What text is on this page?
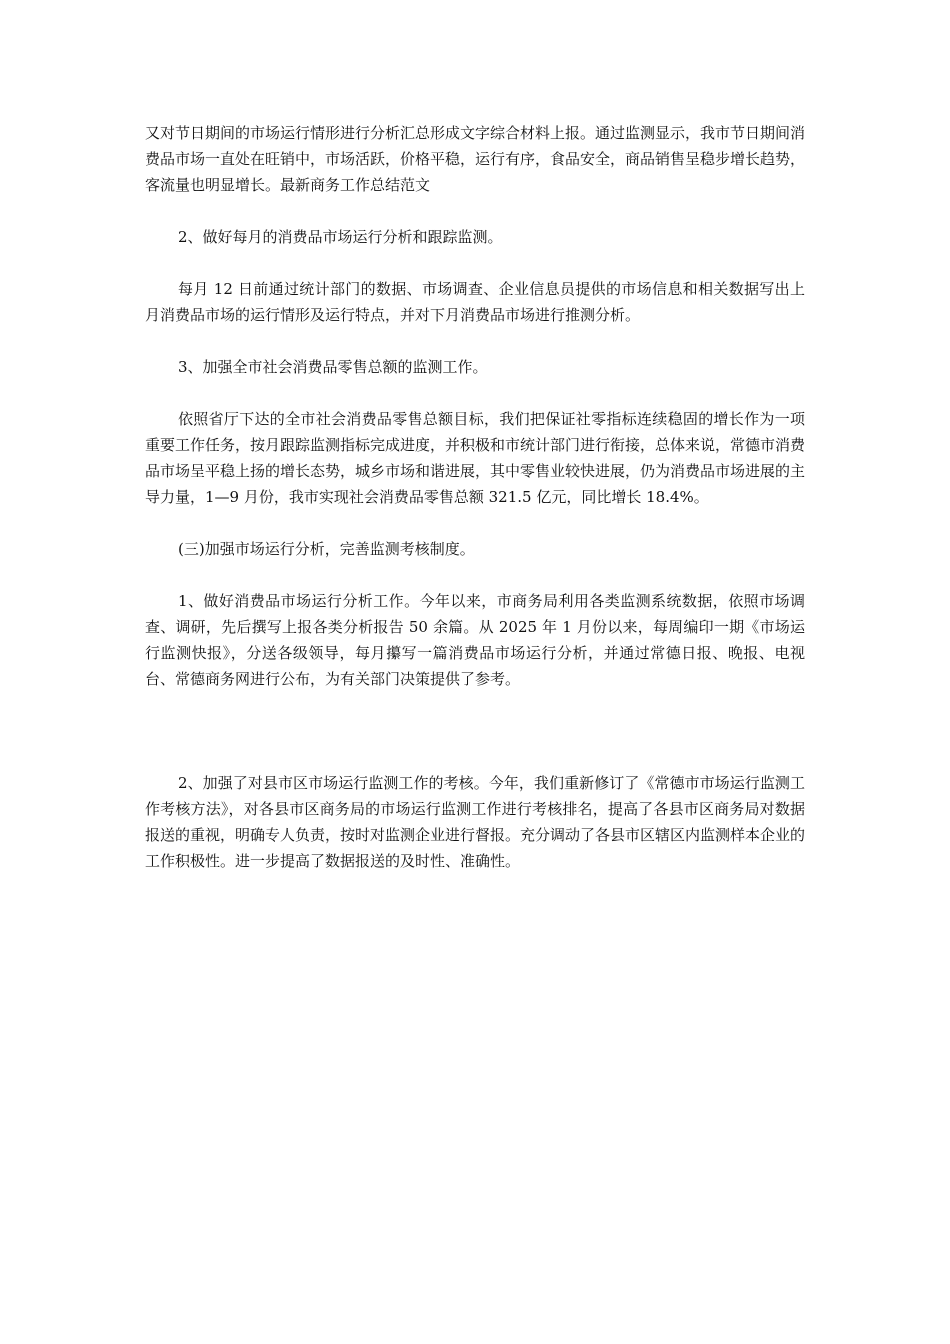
又对节日期间的市场运行情形进行分析汇总形成文字综合材料上报。通过监测显示，我市节日期间消费品市场一直处在旺销中，市场活跃，价格平稳，运行有序，食品安全，商品销售呈稳步增长趋势，客流量也明显增长。最新商务工作总结范文

2、做好每月的消费品市场运行分析和跟踪监测。

每月 12 日前通过统计部门的数据、市场调查、企业信息员提供的市场信息和相关数据写出上月消费品市场的运行情形及运行特点，并对下月消费品市场进行推测分析。

3、加强全市社会消费品零售总额的监测工作。

依照省厅下达的全市社会消费品零售总额目标，我们把保证社零指标连续稳固的增长作为一项重要工作任务，按月跟踪监测指标完成进度，并积极和市统计部门进行衔接，总体来说，常德市消费品市场呈平稳上扬的增长态势，城乡市场和谐进展，其中零售业较快进展，仍为消费品市场进展的主导力量，1—9 月份，我市实现社会消费品零售总额 321.5 亿元，同比增长 18.4%。

(三)加强市场运行分析，完善监测考核制度。

1、做好消费品市场运行分析工作。今年以来，市商务局利用各类监测系统数据，依照市场调查、调研，先后撰写上报各类分析报告 50 余篇。从 2025 年 1 月份以来，每周编印一期《市场运行监测快报》，分送各级领导，每月攥写一篇消费品市场运行分析，并通过常德日报、晚报、电视台、常德商务网进行公布，为有关部门决策提供了参考。

2、加强了对县市区市场运行监测工作的考核。今年，我们重新修订了《常德市市场运行监测工作考核方法》，对各县市区商务局的市场运行监测工作进行考核排名，提高了各县市区商务局对数据报送的重视，明确专人负责，按时对监测企业进行督报。充分调动了各县市区辖区内监测样本企业的工作积极性。进一步提高了数据报送的及时性、准确性。
